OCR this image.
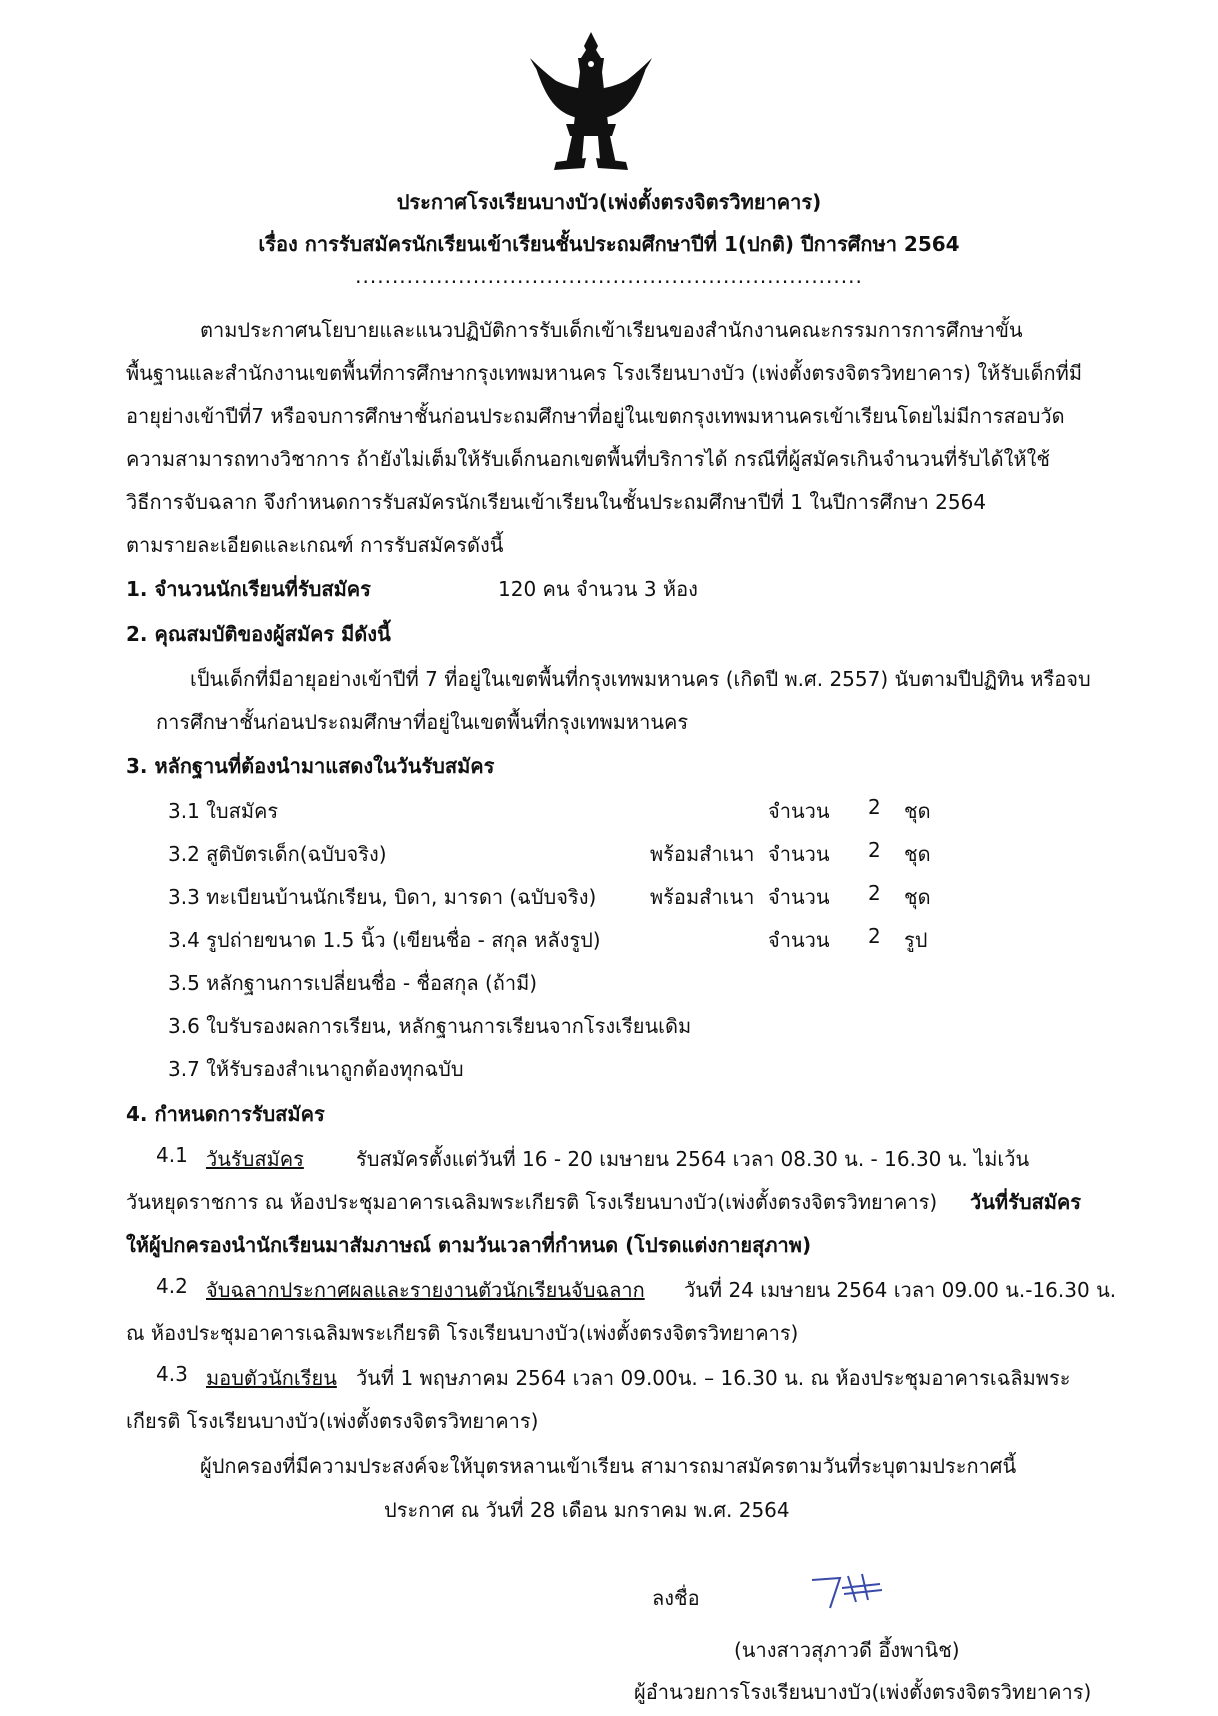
ประกาศโรงเรียนบางบัว(เพ่งตั้งตรงจิตรวิทยาคาร)
เรื่อง การรับสมัครนักเรียนเข้าเรียนชั้นประถมศึกษาปีที่ 1(ปกติ) ปีการศึกษา 2564
.....................................................................
ตามประกาศนโยบายและแนวปฏิบัติการรับเด็กเข้าเรียนของสำนักงานคณะกรรมการการศึกษาขั้น
พื้นฐานและสำนักงานเขตพื้นที่การศึกษากรุงเทพมหานคร โรงเรียนบางบัว (เพ่งตั้งตรงจิตรวิทยาคาร) ให้รับเด็กที่มี
อายุย่างเข้าปีที่7 หรือจบการศึกษาชั้นก่อนประถมศึกษาที่อยู่ในเขตกรุงเทพมหานครเข้าเรียนโดยไม่มีการสอบวัด
ความสามารถทางวิชาการ ถ้ายังไม่เต็มให้รับเด็กนอกเขตพื้นที่บริการได้ กรณีที่ผู้สมัครเกินจำนวนที่รับได้ให้ใช้
วิธีการจับฉลาก จึงกำหนดการรับสมัครนักเรียนเข้าเรียนในชั้นประถมศึกษาปีที่ 1 ในปีการศึกษา 2564
ตามรายละเอียดและเกณฑ์ การรับสมัครดังนี้
1. จำนวนนักเรียนที่รับสมัคร	120 คน จำนวน 3 ห้อง
2. คุณสมบัติของผู้สมัคร มีดังนี้
เป็นเด็กที่มีอายุอย่างเข้าปีที่ 7 ที่อยู่ในเขตพื้นที่กรุงเทพมหานคร (เกิดปี พ.ศ. 2557) นับตามปีปฏิทิน หรือจบ
การศึกษาชั้นก่อนประถมศึกษาที่อยู่ในเขตพื้นที่กรุงเทพมหานคร
3. หลักฐานที่ต้องนำมาแสดงในวันรับสมัคร
3.1 ใบสมัคร	จำนวน 2 ชุด
3.2 สูติบัตรเด็ก(ฉบับจริง)	พร้อมสำเนา จำนวน 2 ชุด
3.3 ทะเบียนบ้านนักเรียน, บิดา, มารดา (ฉบับจริง)	พร้อมสำเนา จำนวน 2 ชุด
3.4 รูปถ่ายขนาด 1.5 นิ้ว (เขียนชื่อ - สกุล หลังรูป)	จำนวน 2 รูป
3.5 หลักฐานการเปลี่ยนชื่อ - ชื่อสกุล (ถ้ามี)
3.6 ใบรับรองผลการเรียน, หลักฐานการเรียนจากโรงเรียนเดิม
3.7 ให้รับรองสำเนาถูกต้องทุกฉบับ
4. กำหนดการรับสมัคร
4.1 วันรับสมัคร	รับสมัครตั้งแต่วันที่ 16 - 20 เมษายน 2564 เวลา 08.30 น. - 16.30 น. ไม่เว้น
วันหยุดราชการ ณ ห้องประชุมอาคารเฉลิมพระเกียรติ โรงเรียนบางบัว(เพ่งตั้งตรงจิตรวิทยาคาร) วันที่รับสมัคร
ให้ผู้ปกครองนำนักเรียนมาสัมภาษณ์ ตามวันเวลาที่กำหนด (โปรดแต่งกายสุภาพ)
4.2 จับฉลากประกาศผลและรายงานตัวนักเรียนจับฉลาก วันที่ 24 เมษายน 2564 เวลา 09.00 น.-16.30 น.
ณ ห้องประชุมอาคารเฉลิมพระเกียรติ โรงเรียนบางบัว(เพ่งตั้งตรงจิตรวิทยาคาร)
4.3 มอบตัวนักเรียน วันที่ 1 พฤษภาคม 2564 เวลา 09.00น. – 16.30 น. ณ ห้องประชุมอาคารเฉลิมพระ
เกียรติ โรงเรียนบางบัว(เพ่งตั้งตรงจิตรวิทยาคาร)
ผู้ปกครองที่มีความประสงค์จะให้บุตรหลานเข้าเรียน สามารถมาสมัครตามวันที่ระบุตามประกาศนี้
ประกาศ ณ วันที่ 28 เดือน มกราคม พ.ศ. 2564
ลงชื่อ
(นางสาวสุภาวดี อึ้งพานิช)
ผู้อำนวยการโรงเรียนบางบัว(เพ่งตั้งตรงจิตรวิทยาคาร)
